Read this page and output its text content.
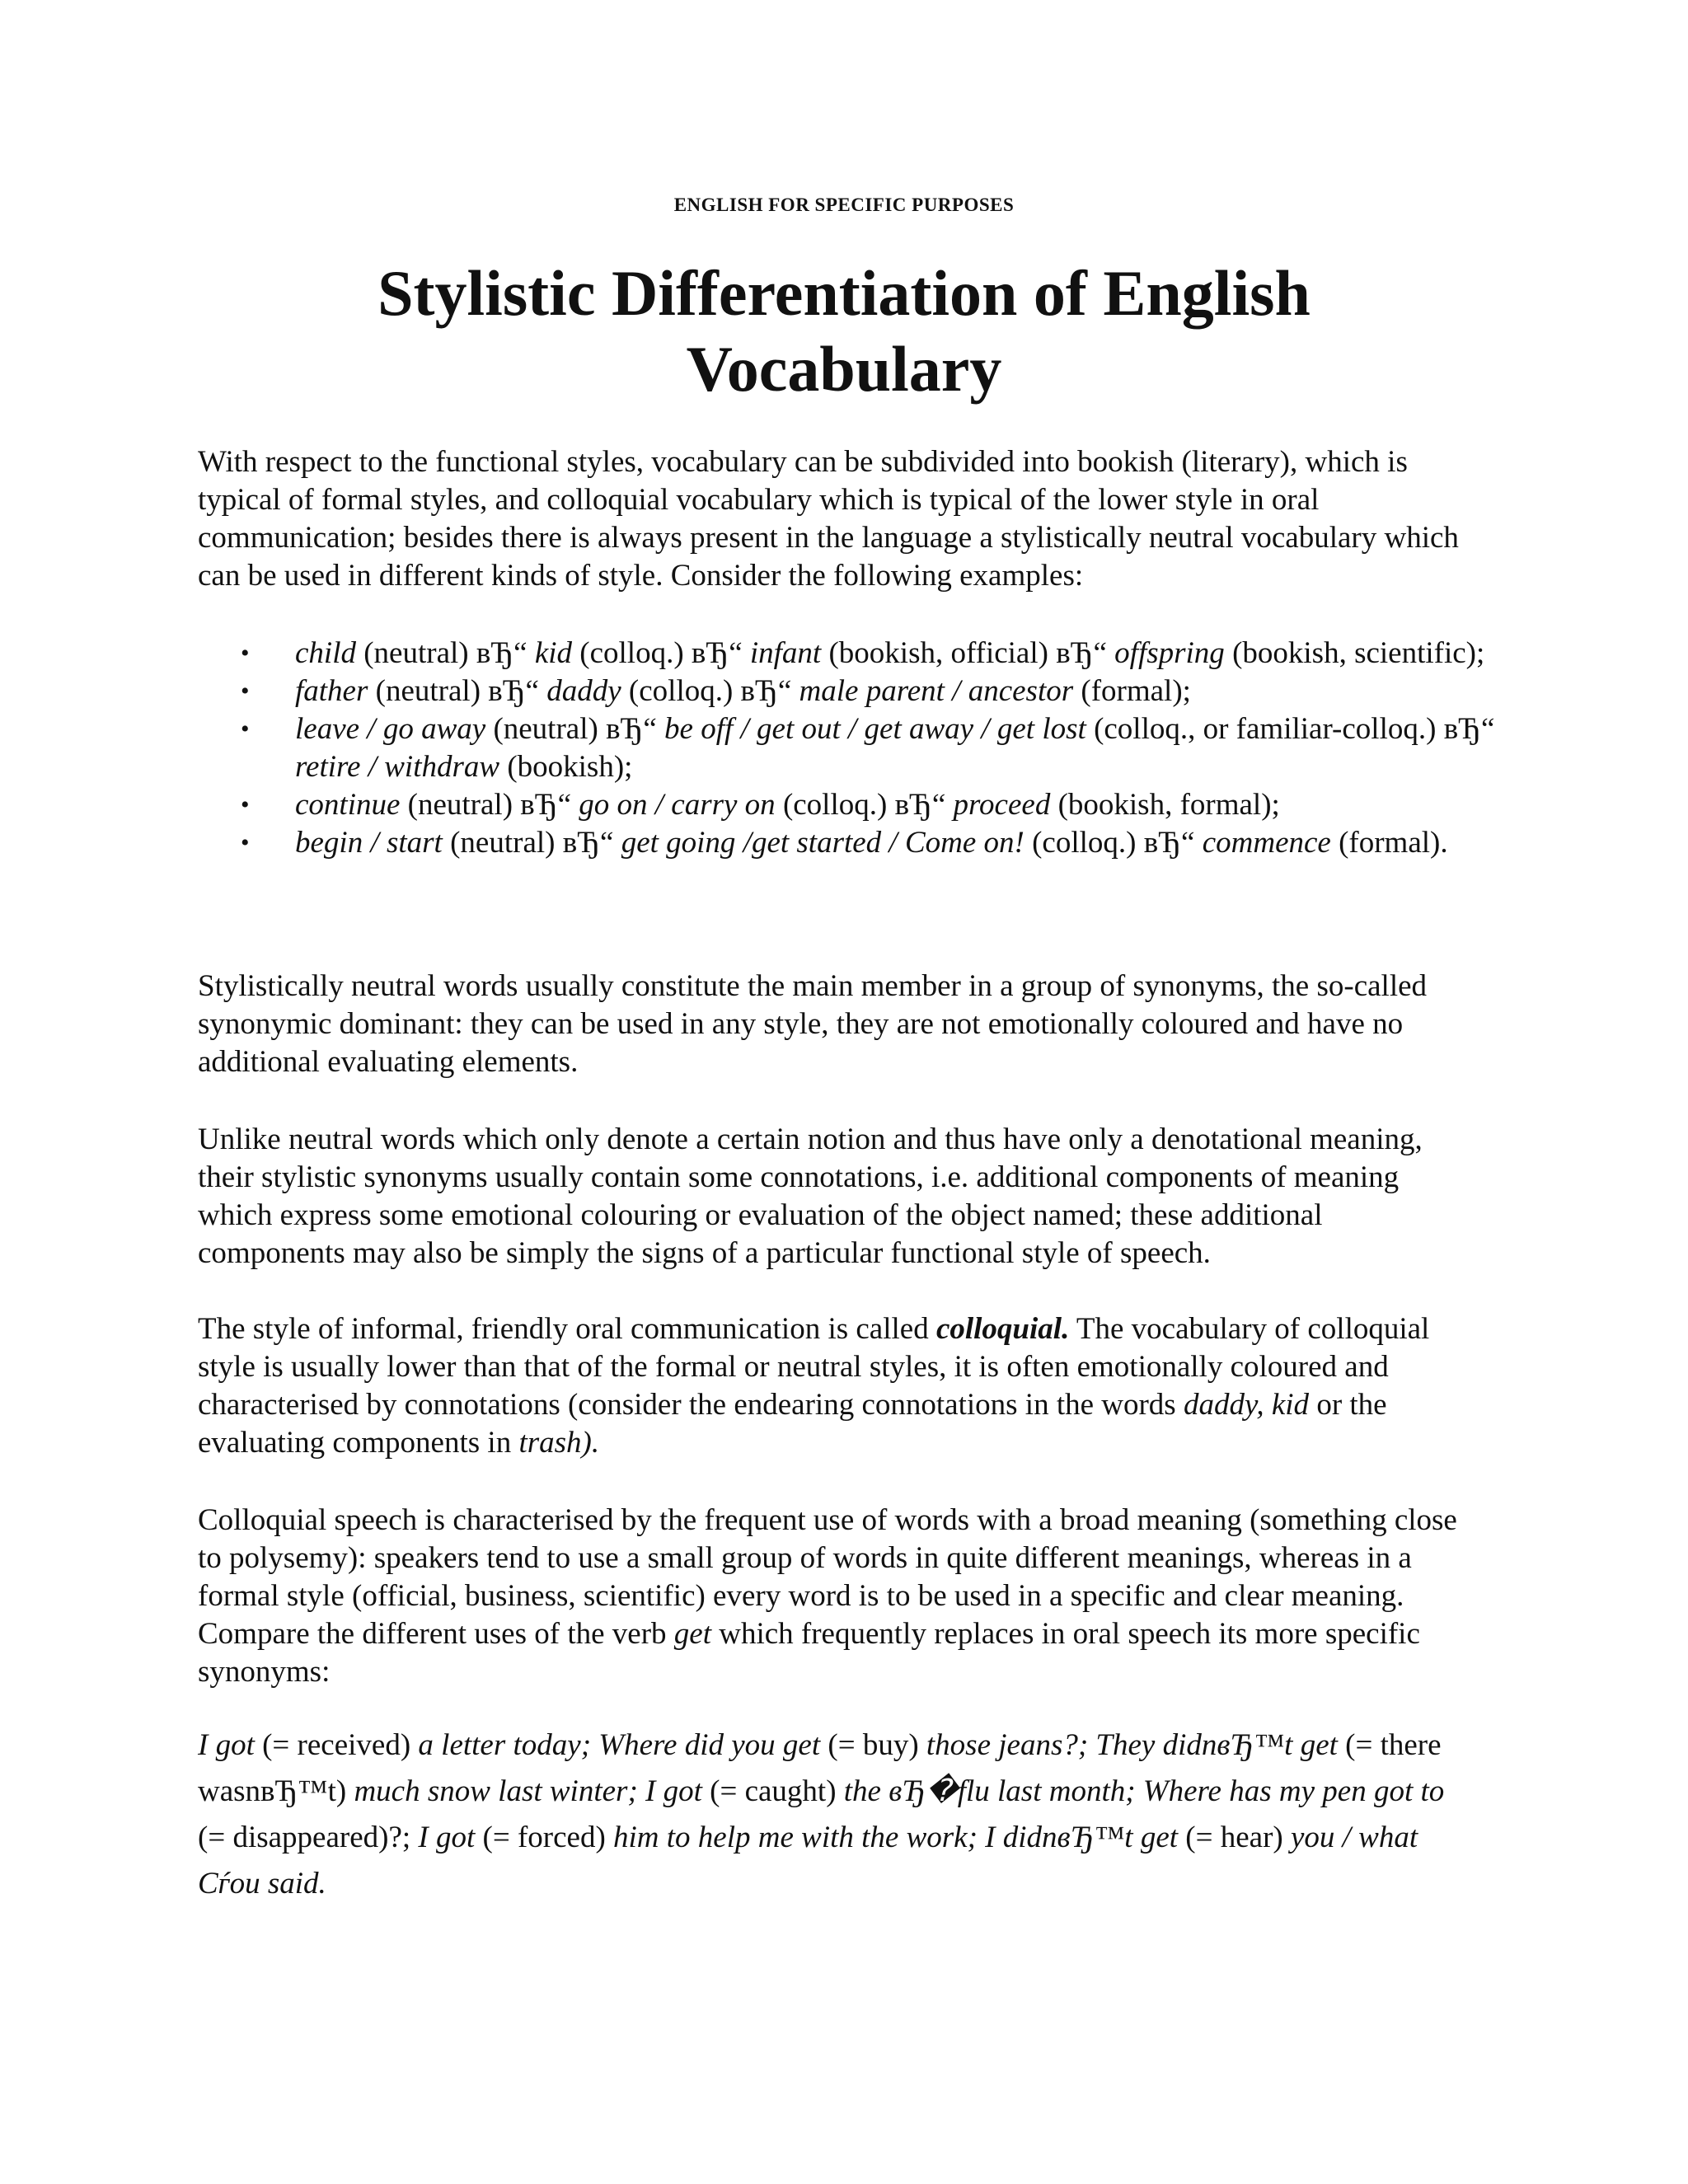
ENGLISH FOR SPECIFIC PURPOSES
Stylistic Differentiation of English
Vocabulary

With respect to the functional styles, vocabulary can be subdivided into bookish (literary), which is typical of formal styles, and colloquial vocabulary which is typical of the lower style in oral communication; besides there is always present in the language a stylistically neutral vocabulary which can be used in different kinds of style. Consider the following examples:

• child (neutral) вЂ“ kid (colloq.) вЂ“ infant (bookish, official) вЂ“ offspring (bookish, scientific);
• father (neutral) вЂ“ daddy (colloq.) вЂ“ male parent / ancestor (formal);
• leave / go away (neutral) вЂ“ be off / get out / get away / get lost (colloq., or familiar-colloq.) вЂ“ retire / withdraw (bookish);
• continue (neutral) вЂ“ go on / carry on (colloq.) вЂ“ proceed (bookish, formal);
• begin / start (neutral) вЂ“ get going /get started / Come on! (colloq.) вЂ“ commence (formal).

Stylistically neutral words usually constitute the main member in a group of synonyms, the so-called synonymic dominant: they can be used in any style, they are not emotionally coloured and have no additional evaluating elements.

Unlike neutral words which only denote a certain notion and thus have only a denotational meaning, their stylistic synonyms usually contain some connotations, i.e. additional components of meaning which express some emotional colouring or evaluation of the object named; these additional components may also be simply the signs of a particular functional style of speech.

The style of informal, friendly oral communication is called colloquial. The vocabulary of colloquial style is usually lower than that of the formal or neutral styles, it is often emotionally coloured and characterised by connotations (consider the endearing connotations in the words daddy, kid or the evaluating components in trash).

Colloquial speech is characterised by the frequent use of words with a broad meaning (something close to polysemy): speakers tend to use a small group of words in quite different meanings, whereas in a formal style (official, business, scientific) every word is to be used in a specific and clear meaning. Compare the different uses of the verb get which frequently replaces in oral speech its more specific synonyms:

I got (= received) a letter today; Where did you get (= buy) those jeans?; They didnвЂ™t get (= there wasnвЂ™t) much snow last winter; I got (= caught) the вЂ�flu last month; Where has my pen got to (= disappeared)?; I got (= forced) him to help me with the work; I didnвЂ™t get (= hear) you / what Сѓou said.
